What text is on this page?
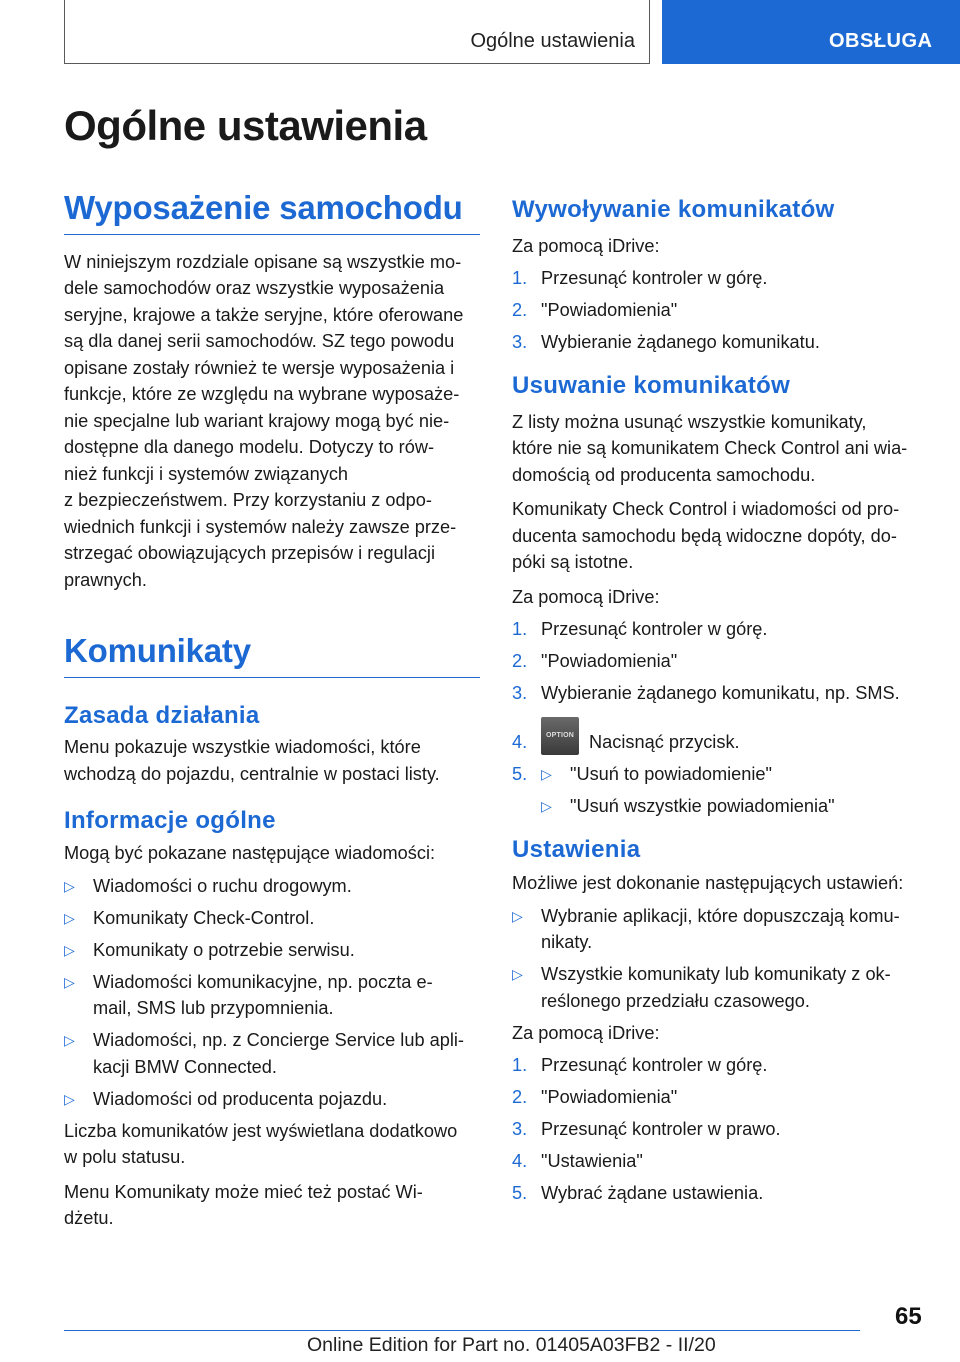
Ogólne ustawienia	OBSŁUGA
Ogólne ustawienia
Wyposażenie samochodu

W niniejszym rozdziale opisane są wszystkie mo-
dele samochodów oraz wszystkie wyposażenia
seryjne, krajowe a także seryjne, które oferowane
są dla danej serii samochodów. SZ tego powodu
opisane zostały również te wersje wyposażenia i
funkcje, które ze względu na wybrane wyposaże-
nie specjalne lub wariant krajowy mogą być nie-
dostępne dla danego modelu. Dotyczy to rów-
nież funkcji i systemów związanych
z bezpieczeństwem. Przy korzystaniu z odpo-
wiednich funkcji i systemów należy zawsze prze-
strzegać obowiązujących przepisów i regulacji
prawnych.

Komunikaty
Zasada działania

Menu pokazuje wszystkie wiadomości, które
wchodzą do pojazdu, centralnie w postaci listy.

Informacje ogólne

Mogą być pokazane następujące wiadomości:

▷ Wiadomości o ruchu drogowym.
▷ Komunikaty Check-Control.
▷ Komunikaty o potrzebie serwisu.
▷ Wiadomości komunikacyjne, np. poczta e-
mail, SMS lub przypomnienia.
▷ Wiadomości, np. z Concierge Service lub apli-
kacji BMW Connected.
▷ Wiadomości od producenta pojazdu.

Liczba komunikatów jest wyświetlana dodatkowo
w polu statusu.

Menu Komunikaty może mieć też postać Wi-
dżetu.

Wywoływanie komunikatów

Za pomocą iDrive:

1. Przesunąć kontroler w górę.
2. "Powiadomienia"
3. Wybieranie żądanego komunikatu.
Usuwanie komunikatów

Z listy można usunąć wszystkie komunikaty,
które nie są komunikatem Check Control ani wia-
domością od producenta samochodu.

Komunikaty Check Control i wiadomości od pro-
ducenta samochodu będą widoczne dopóty, do-
póki są istotne.

Za pomocą iDrive:

1. Przesunąć kontroler w górę.
2. "Powiadomienia"
3. Wybieranie żądanego komunikatu, np. SMS.
4.	OPTION Nacisnąć przycisk.
5. ▷ "Usuń to powiadomienie"
▷ "Usuń wszystkie powiadomienia"
Ustawienia

Możliwe jest dokonanie następujących ustawień:

▷ Wybranie aplikacji, które dopuszczają komu-
nikaty.
▷ Wszystkie komunikaty lub komunikaty z ok-
reślonego przedziału czasowego.

Za pomocą iDrive:

1. Przesunąć kontroler w górę.
2. "Powiadomienia"
3. Przesunąć kontroler w prawo.
4. "Ustawienia"
5. Wybrać żądane ustawienia.
65
Online Edition for Part no. 01405A03FB2 - II/20
